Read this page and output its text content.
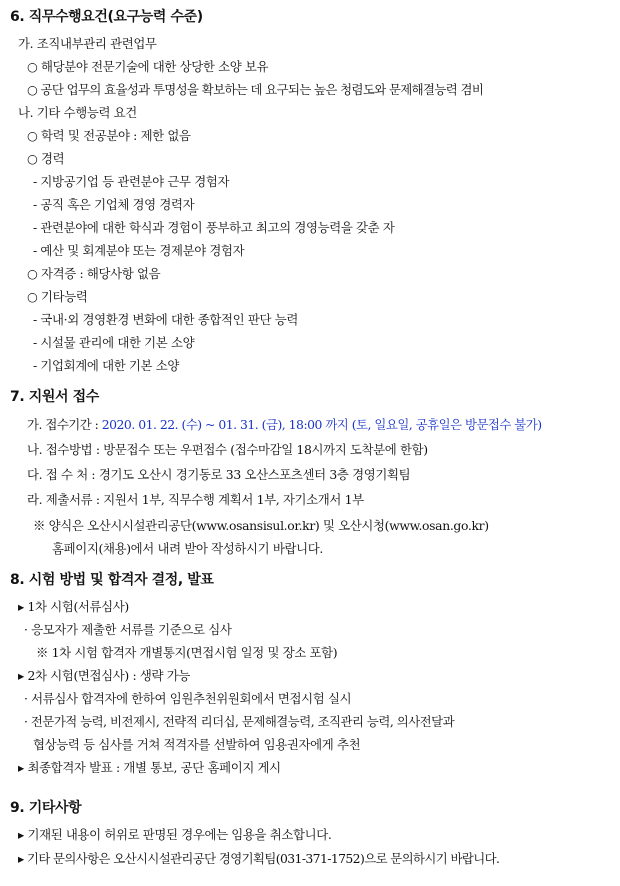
6. 직무수행요건(요구능력 수준)
가. 조직내부관리 관련업무
○ 해당분야 전문기술에 대한 상당한 소양 보유
○ 공단 업무의 효율성과 투명성을 확보하는 데 요구되는 높은 청렴도와 문제해결능력 겸비
나. 기타 수행능력 요건
○ 학력 및 전공분야 : 제한 없음
○ 경력
- 지방공기업 등 관련분야 근무 경험자
- 공직 혹은 기업체 경영 경력자
- 관련분야에 대한 학식과 경험이 풍부하고 최고의 경영능력을 갖춘 자
- 예산 및 회계분야 또는 경제분야 경험자
○ 자격증 : 해당사항 없음
○ 기타능력
- 국내·외 경영환경 변화에 대한 종합적인 판단 능력
- 시설물 관리에 대한 기본 소양
- 기업회계에 대한 기본 소양
7. 지원서 접수
가. 접수기간 : 2020. 01. 22. (수) ~ 01. 31. (금), 18:00 까지 (토, 일요일, 공휴일은 방문접수 불가)
나. 접수방법 : 방문접수 또는 우편접수 (접수마감일 18시까지 도착분에 한함)
다. 접 수 처 : 경기도 오산시 경기동로 33 오산스포츠센터 3층 경영기획팀
라. 제출서류 : 지원서 1부, 직무수행 계획서 1부, 자기소개서 1부
※ 양식은 오산시시설관리공단(www.osansisul.or.kr) 및 오산시청(www.osan.go.kr)
홈페이지(채용)에서 내려 받아 작성하시기 바랍니다.
8. 시험 방법 및 합격자 결정, 발표
▸ 1차 시험(서류심사)
· 응모자가 제출한 서류를 기준으로 심사
※ 1차 시험 합격자 개별통지(면접시험 일정 및 장소 포함)
▸ 2차 시험(면접심사) : 생략 가능
· 서류심사 합격자에 한하여 임원추천위원회에서 면접시험 실시
· 전문가적 능력, 비전제시, 전략적 리더십, 문제해결능력, 조직관리 능력, 의사전달과
협상능력 등 심사를 거쳐 적격자를 선발하여 임용권자에게 추천
▸ 최종합격자 발표 : 개별 통보, 공단 홈페이지 게시
9. 기타사항
▸ 기재된 내용이 허위로 판명된 경우에는 임용을 취소합니다.
▸ 기타 문의사항은 오산시시설관리공단 경영기획팀(031-371-1752)으로 문의하시기 바랍니다.
